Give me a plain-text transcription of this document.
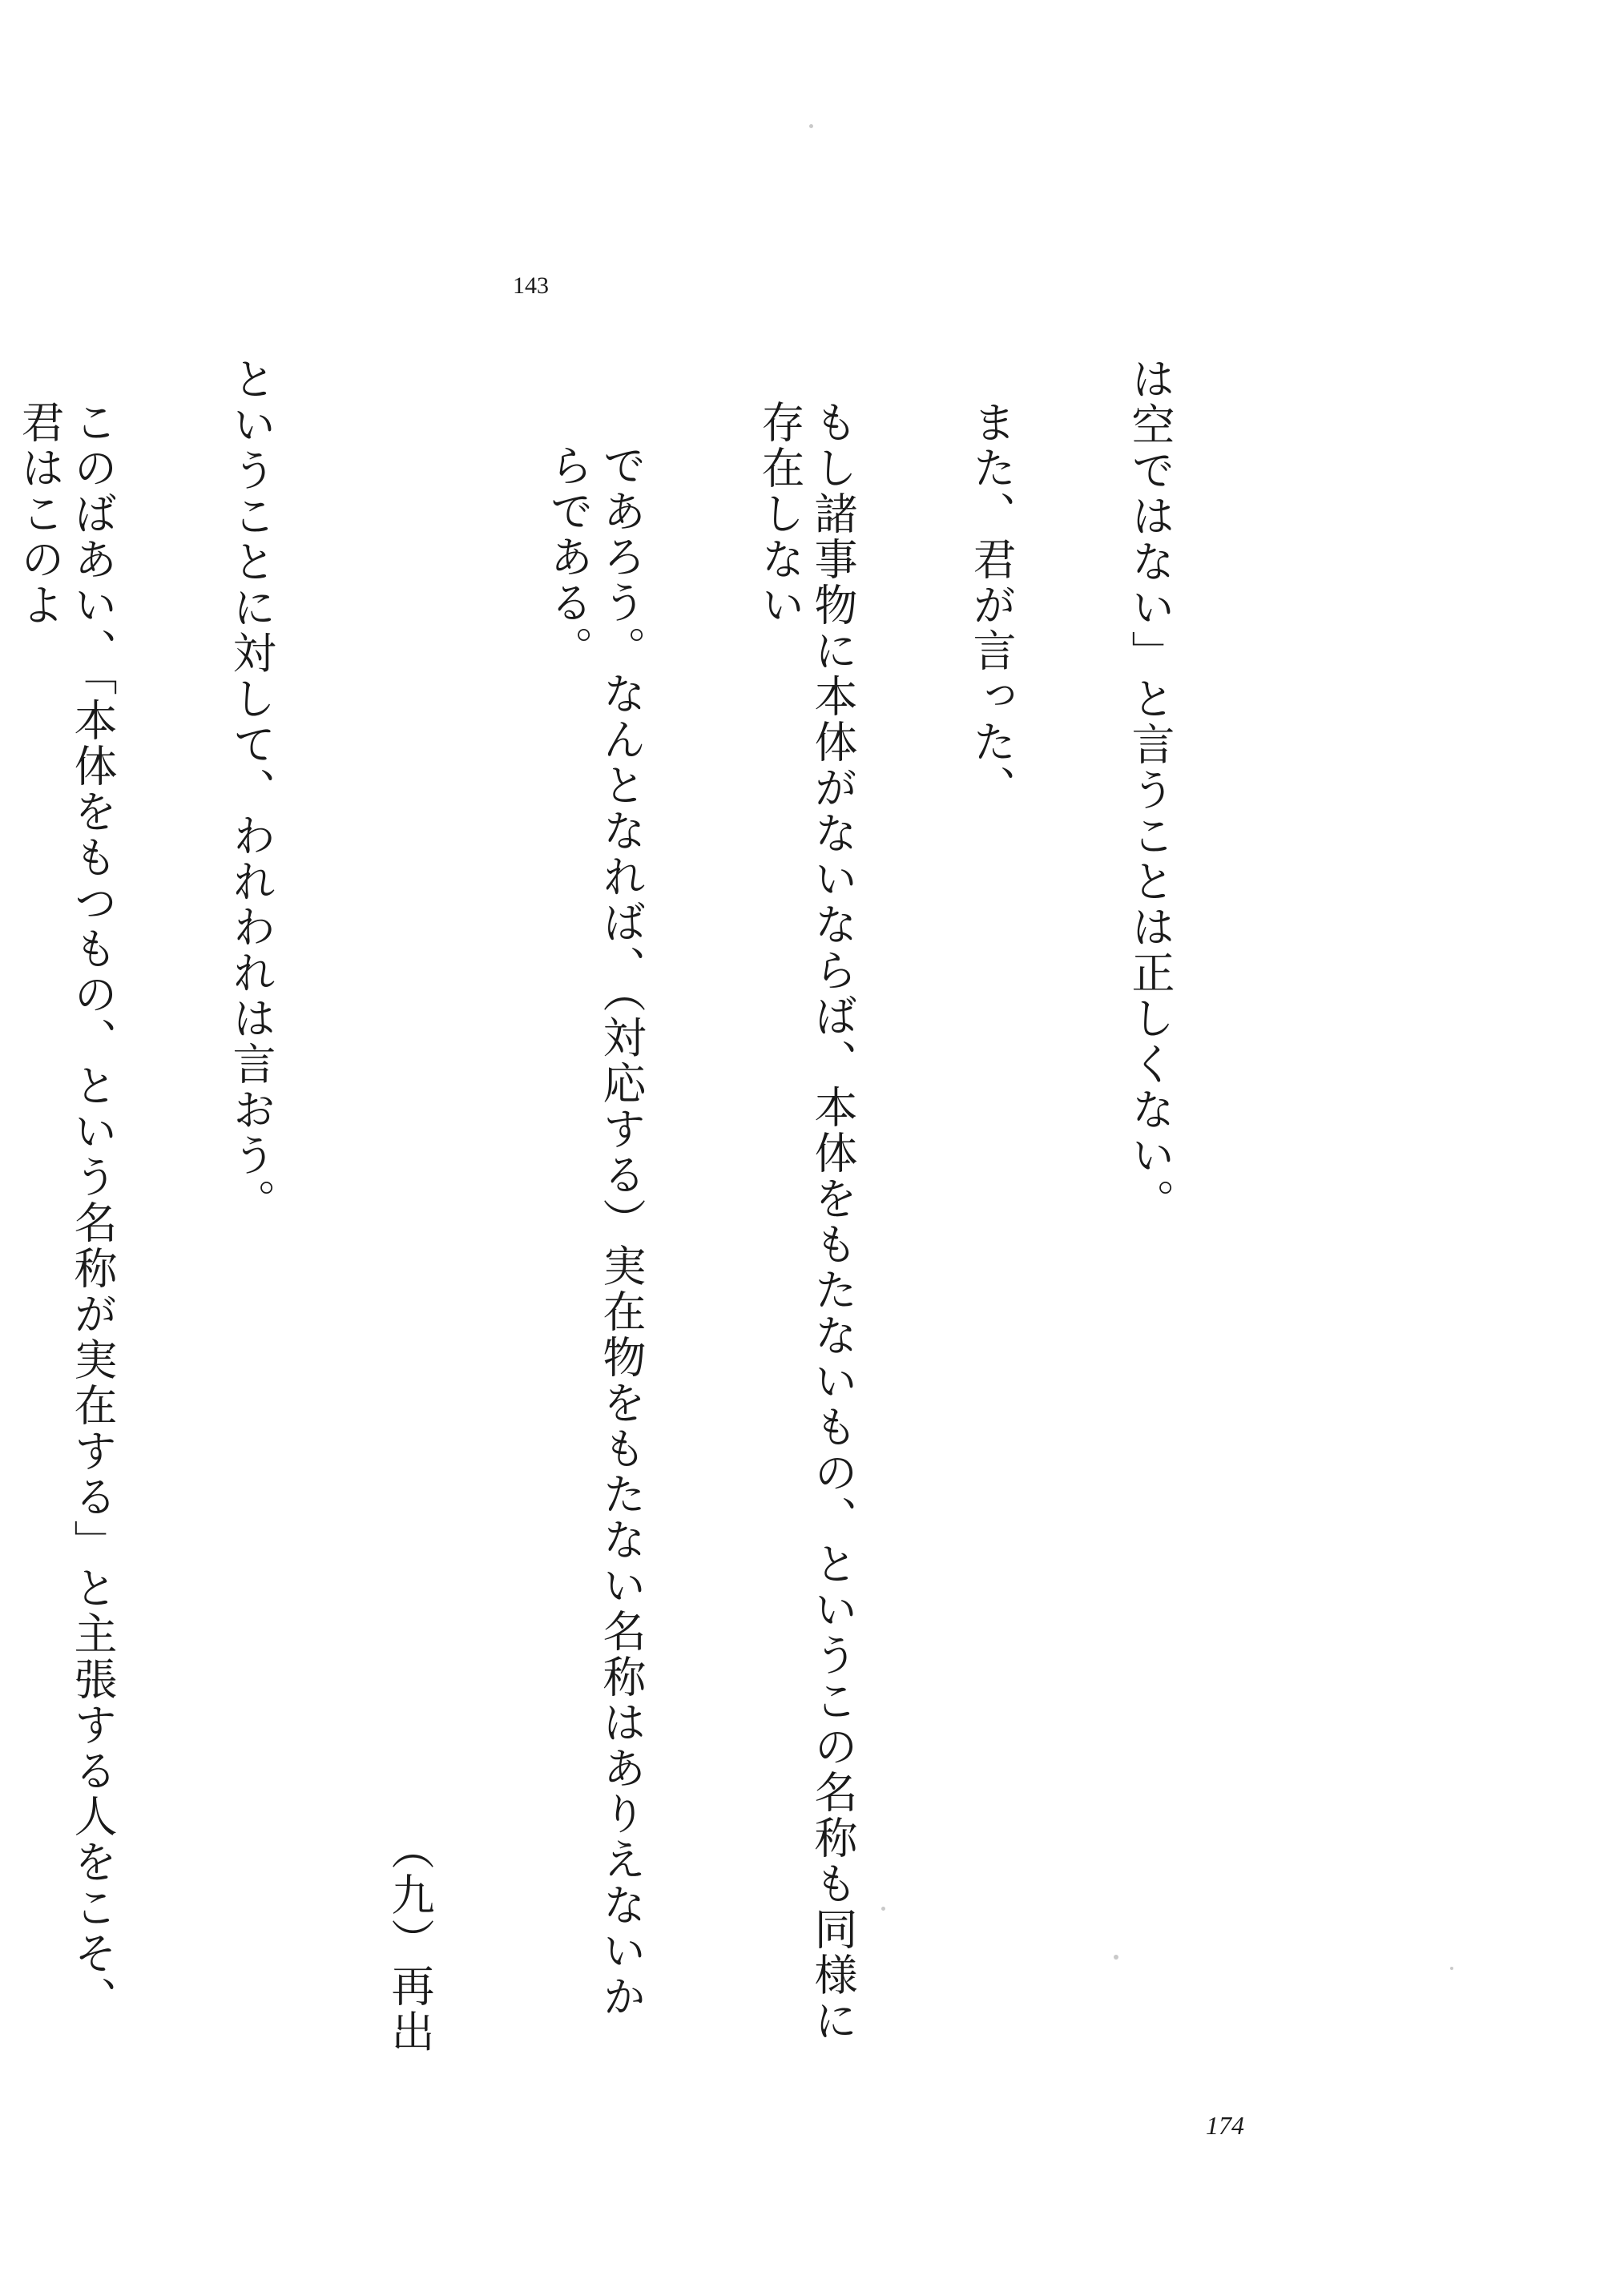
143

は空ではない」と言うことは正しくない。

また、君が言った、

もし諸事物に本体がないならば、本体をもたないもの、というこの名称も同様に存在しない

であろう。なんとなれば、（対応する）実在物をもたない名称はありえないからである。

（九）再出

ということに対して、われわれは言おう。

このばあい、「本体をもつもの、という名称が実在する」と主張する人をこそ、君はこのよ

174
